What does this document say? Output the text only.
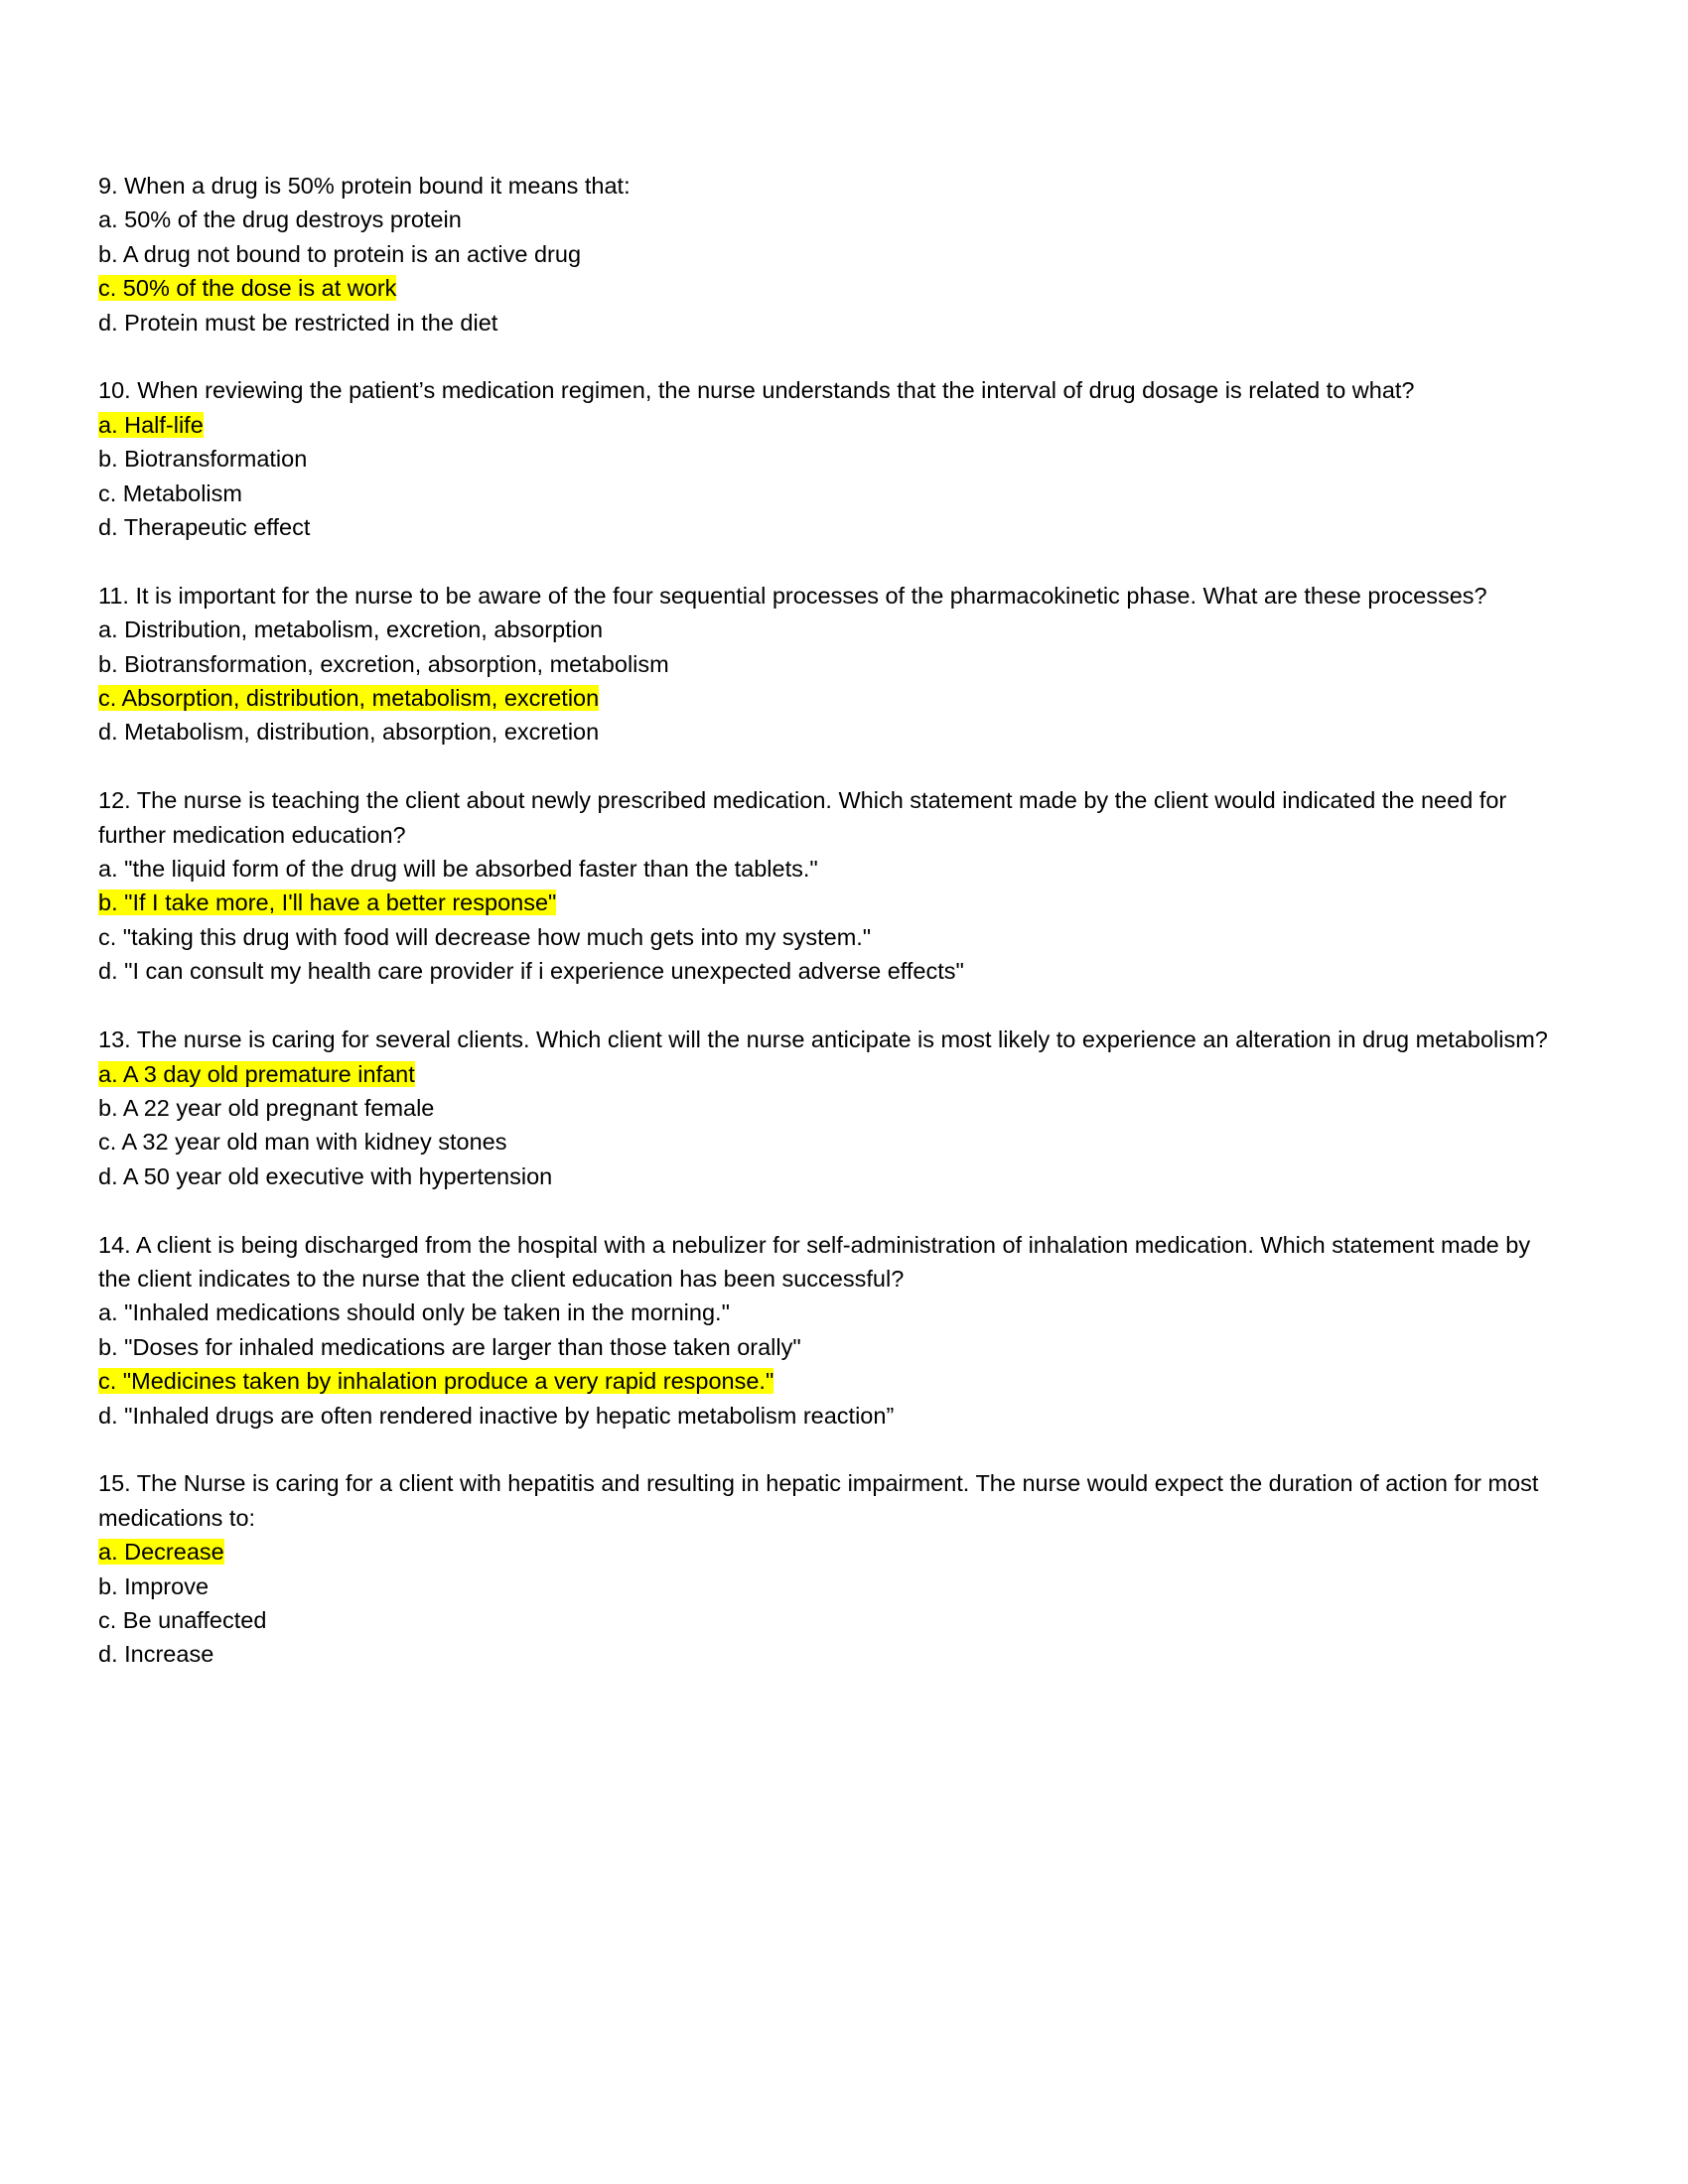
9. When a drug is 50% protein bound it means that:
a. 50% of the drug destroys protein
b. A drug not bound to protein is an active drug
c. 50% of the dose is at work
d. Protein must be restricted in the diet
10. When reviewing the patient’s medication regimen, the nurse understands that the interval of drug dosage is related to what?
a. Half-life
b. Biotransformation
c. Metabolism
d. Therapeutic effect
11. It is important for the nurse to be aware of the four sequential processes of the pharmacokinetic phase. What are these processes?
a. Distribution, metabolism, excretion, absorption
b. Biotransformation, excretion, absorption, metabolism
c. Absorption, distribution, metabolism, excretion
d. Metabolism, distribution, absorption, excretion
12. The nurse is teaching the client about newly prescribed medication. Which statement made by the client would indicated the need for further medication education?
a. "the liquid form of the drug will be absorbed faster than the tablets."
b. "If I take more, I'll have a better response"
c. "taking this drug with food will decrease how much gets into my system."
d. "I can consult my health care provider if i experience unexpected adverse effects"
13. The nurse is caring for several clients. Which client will the nurse anticipate is most likely to experience an alteration in drug metabolism?
a. A 3 day old premature infant
b. A 22 year old pregnant female
c. A 32 year old man with kidney stones
d. A 50 year old executive with hypertension
14. A client is being discharged from the hospital with a nebulizer for self-administration of inhalation medication. Which statement made by the client indicates to the nurse that the client education has been successful?
a. "Inhaled medications should only be taken in the morning."
b. "Doses for inhaled medications are larger than those taken orally"
c. "Medicines taken by inhalation produce a very rapid response."
d. "Inhaled drugs are often rendered inactive by hepatic metabolism reaction”
15. The Nurse is caring for a client with hepatitis and resulting in hepatic impairment. The nurse would expect the duration of action for most medications to:
a. Decrease
b. Improve
c. Be unaffected
d. Increase
